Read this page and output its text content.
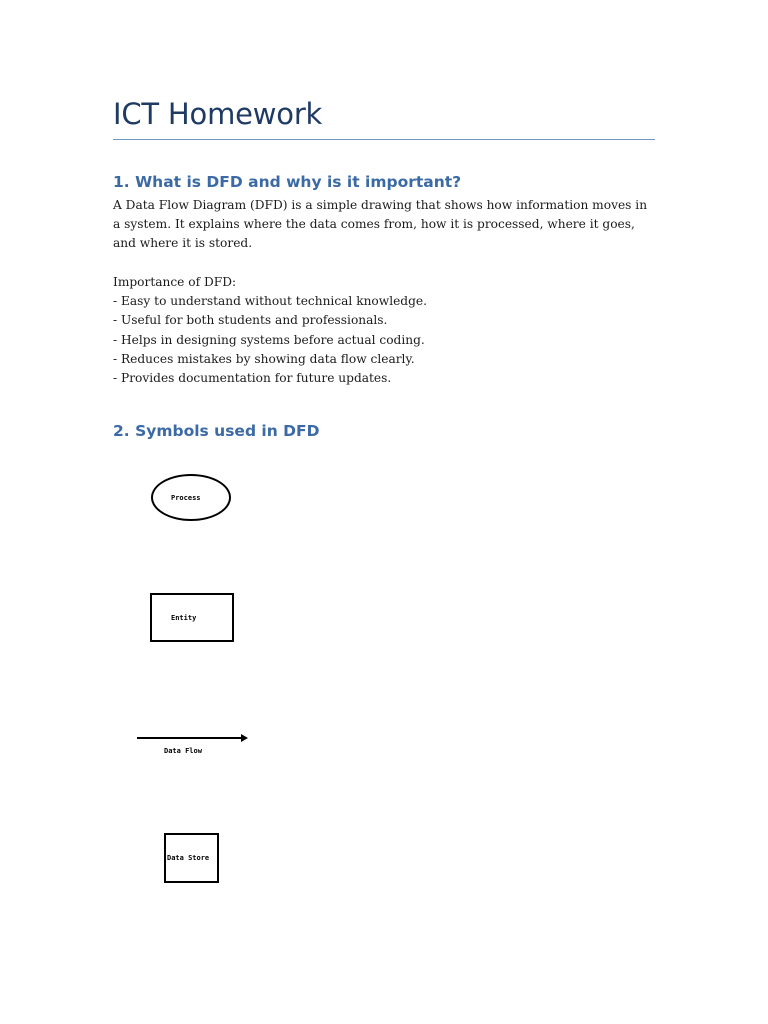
ICT Homework
1. What is DFD and why is it important?

A Data Flow Diagram (DFD) is a simple drawing that shows how information moves in a system. It explains where the data comes from, how it is processed, where it goes, and where it is stored.

Importance of DFD:

- Easy to understand without technical knowledge.
- Useful for both students and professionals.
- Helps in designing systems before actual coding.
- Reduces mistakes by showing data flow clearly.
- Provides documentation for future updates.
2. Symbols used in DFD
Process
Entity
Data Flow
Data Store
